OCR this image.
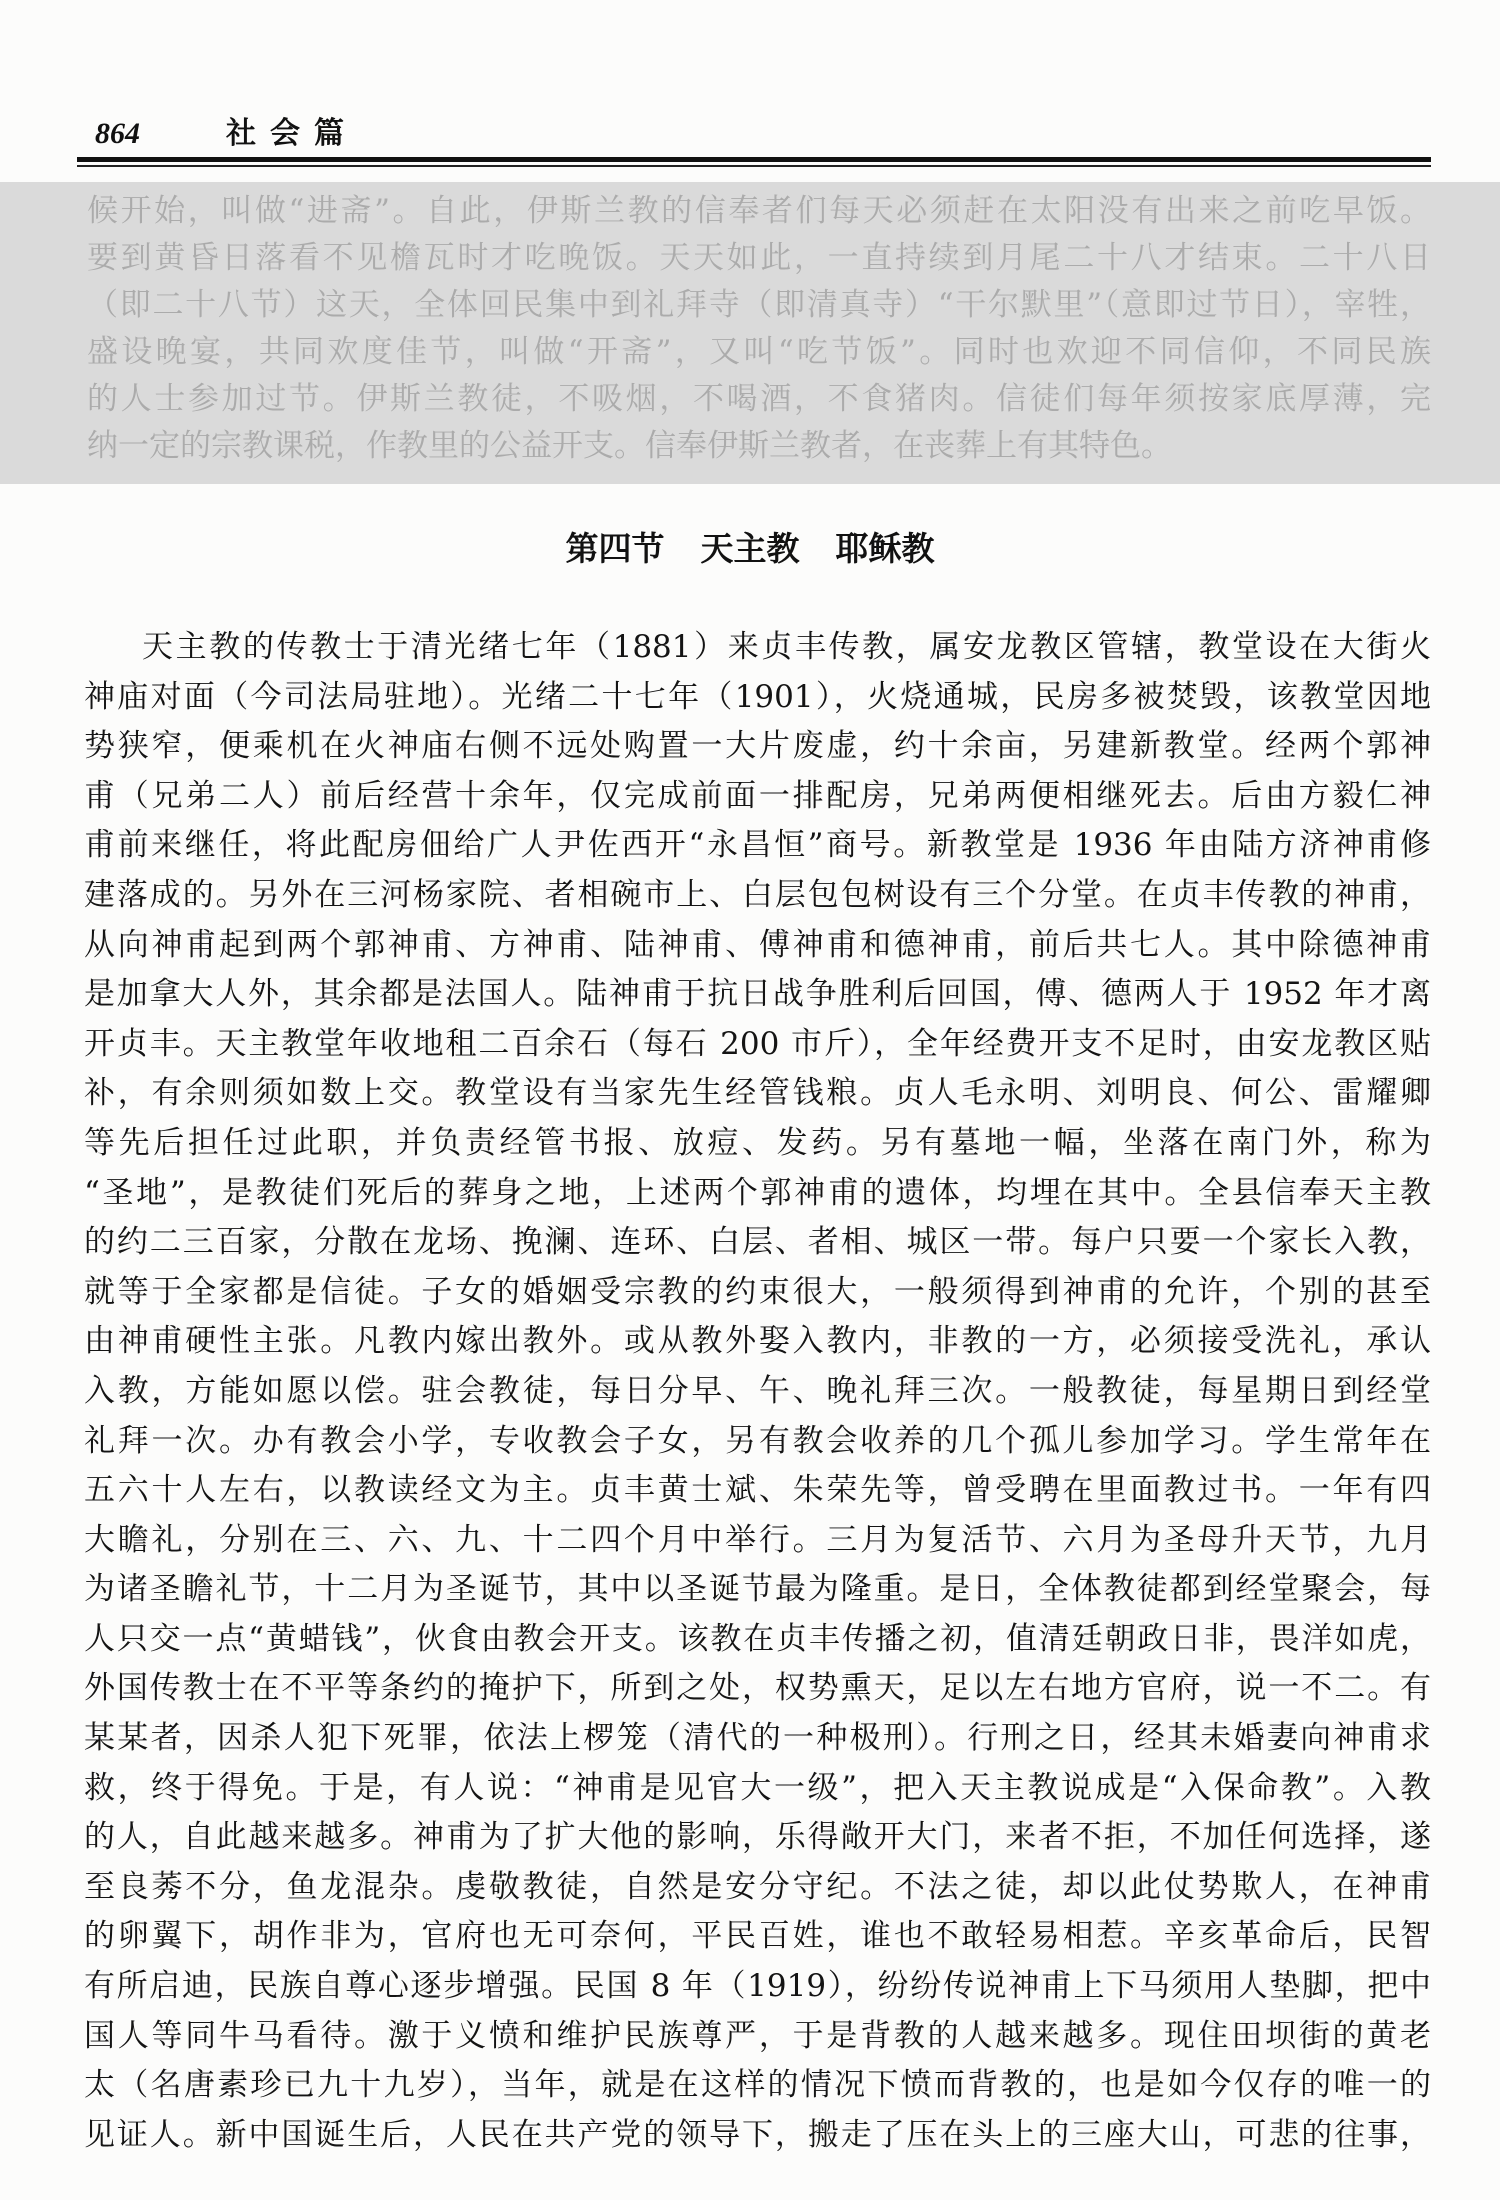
864	社会篇
候开始，叫做“进斋”。自此，伊斯兰教的信奉者们每天必须赶在太阳没有出来之前吃早饭。
要到黄昏日落看不见檐瓦时才吃晚饭。天天如此，一直持续到月尾二十八才结束。二十八日
（即二十八节）这天，全体回民集中到礼拜寺（即清真寺）“干尔默里”（意即过节日），宰牲，
盛设晚宴，共同欢度佳节，叫做“开斋”，又叫“吃节饭”。同时也欢迎不同信仰，不同民族
的人士参加过节。伊斯兰教徒，不吸烟，不喝酒，不食猪肉。信徒们每年须按家底厚薄，完
纳一定的宗教课税，作教里的公益开支。信奉伊斯兰教者，在丧葬上有其特色。
第四节 天主教 耶稣教
天主教的传教士于清光绪七年（1881）来贞丰传教，属安龙教区管辖，教堂设在大街火
神庙对面（今司法局驻地）。光绪二十七年（1901），火烧通城，民房多被焚毁，该教堂因地
势狭窄，便乘机在火神庙右侧不远处购置一大片废虚，约十余亩，另建新教堂。经两个郭神
甫（兄弟二人）前后经营十余年，仅完成前面一排配房，兄弟两便相继死去。后由方毅仁神
甫前来继任，将此配房佃给广人尹佐西开“永昌恒”商号。新教堂是 1936 年由陆方济神甫修
建落成的。另外在三河杨家院、者相碗市上、白层包包树设有三个分堂。在贞丰传教的神甫，
从向神甫起到两个郭神甫、方神甫、陆神甫、傅神甫和德神甫，前后共七人。其中除德神甫
是加拿大人外，其余都是法国人。陆神甫于抗日战争胜利后回国，傅、德两人于 1952 年才离
开贞丰。天主教堂年收地租二百余石（每石 200 市斤），全年经费开支不足时，由安龙教区贴
补，有余则须如数上交。教堂设有当家先生经管钱粮。贞人毛永明、刘明良、何公、雷耀卿
等先后担任过此职，并负责经管书报、放痘、发药。另有墓地一幅，坐落在南门外，称为
“圣地”，是教徒们死后的葬身之地，上述两个郭神甫的遗体，均埋在其中。全县信奉天主教
的约二三百家，分散在龙场、挽澜、连环、白层、者相、城区一带。每户只要一个家长入教，
就等于全家都是信徒。子女的婚姻受宗教的约束很大，一般须得到神甫的允许，个别的甚至
由神甫硬性主张。凡教内嫁出教外。或从教外娶入教内，非教的一方，必须接受洗礼，承认
入教，方能如愿以偿。驻会教徒，每日分早、午、晚礼拜三次。一般教徒，每星期日到经堂
礼拜一次。办有教会小学，专收教会子女，另有教会收养的几个孤儿参加学习。学生常年在
五六十人左右，以教读经文为主。贞丰黄士斌、朱荣先等，曾受聘在里面教过书。一年有四
大瞻礼，分别在三、六、九、十二四个月中举行。三月为复活节、六月为圣母升天节，九月
为诸圣瞻礼节，十二月为圣诞节，其中以圣诞节最为隆重。是日，全体教徒都到经堂聚会，每
人只交一点“黄蜡钱”，伙食由教会开支。该教在贞丰传播之初，值清廷朝政日非，畏洋如虎，
外国传教士在不平等条约的掩护下，所到之处，权势熏天，足以左右地方官府，说一不二。有
某某者，因杀人犯下死罪，依法上椤笼（清代的一种极刑）。行刑之日，经其未婚妻向神甫求
救，终于得免。于是，有人说：“神甫是见官大一级”，把入天主教说成是“入保命教”。入教
的人，自此越来越多。神甫为了扩大他的影响，乐得敞开大门，来者不拒，不加任何选择，遂
至良莠不分，鱼龙混杂。虔敬教徒，自然是安分守纪。不法之徒，却以此仗势欺人，在神甫
的卵翼下，胡作非为，官府也无可奈何，平民百姓，谁也不敢轻易相惹。辛亥革命后，民智
有所启迪，民族自尊心逐步增强。民国 8 年（1919），纷纷传说神甫上下马须用人垫脚，把中
国人等同牛马看待。激于义愤和维护民族尊严，于是背教的人越来越多。现住田坝街的黄老
太（名唐素珍已九十九岁），当年，就是在这样的情况下愤而背教的，也是如今仅存的唯一的
见证人。新中国诞生后，人民在共产党的领导下，搬走了压在头上的三座大山，可悲的往事，
